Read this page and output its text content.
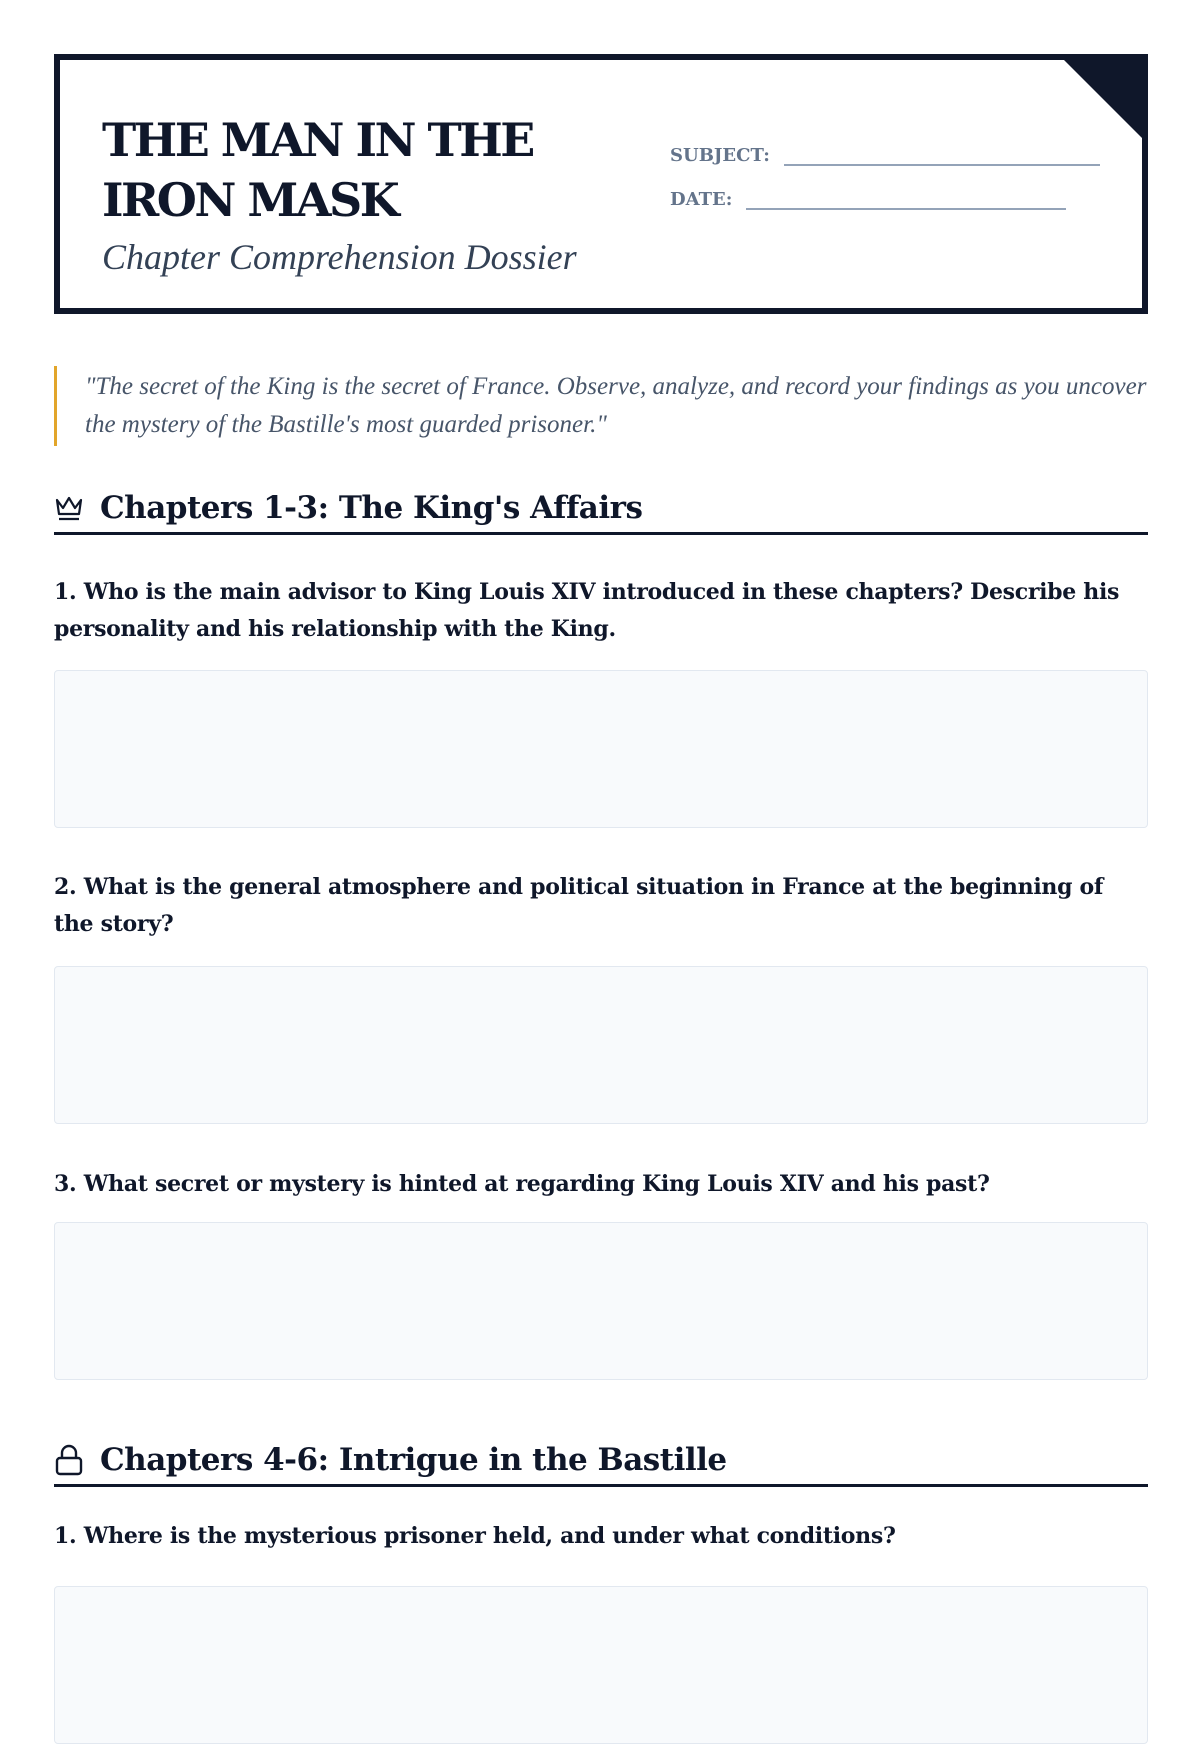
THE MAN IN THE IRON MASK
Chapter Comprehension Dossier
SUBJECT:
DATE:
"The secret of the King is the secret of France. Observe, analyze, and record your findings as you uncover the mystery of the Bastille's most guarded prisoner."
Chapters 1-3: The King's Affairs
1. Who is the main advisor to King Louis XIV introduced in these chapters? Describe his personality and his relationship with the King.
2. What is the general atmosphere and political situation in France at the beginning of the story?
3. What secret or mystery is hinted at regarding King Louis XIV and his past?
Chapters 4-6: Intrigue in the Bastille
1. Where is the mysterious prisoner held, and under what conditions?
